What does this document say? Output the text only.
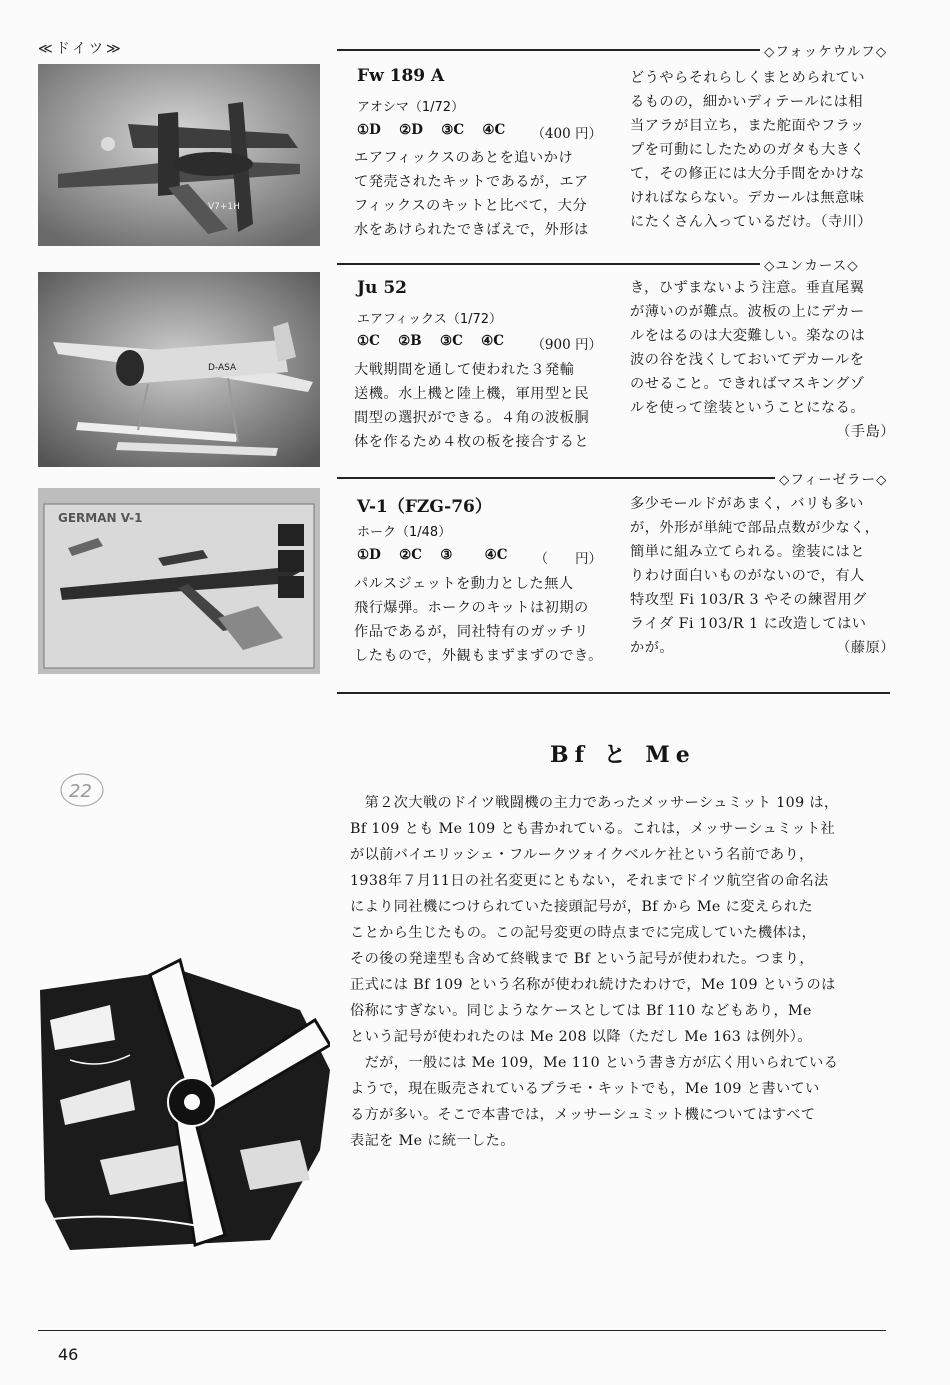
≪ドイツ≫	◇フォッケウルフ◇
V7+1H
Fw 189 A
アオシマ（1/72）
①D ②D ③C ④C （400 円）
エアフィックスのあとを追いかけ
て発売されたキットであるが，エア
フィックスのキットと比べて，大分
水をあけられたできばえで，外形は
どうやらそれらしくまとめられてい
るものの，細かいディテールには相
当アラが目立ち，また舵面やフラッ
プを可動にしたためのガタも大きく
て，その修正には大分手間をかけな
ければならない。デカールは無意味
にたくさん入っているだけ。（寺川）
◇ユンカース◇
D-ASA
Ju 52
エアフィックス（1/72）
①C ②B ③C ④C （900 円）
大戦期間を通して使われた３発輸
送機。水上機と陸上機，軍用型と民
間型の選択ができる。４角の波板胴
体を作るため４枚の板を接合すると
き，ひずまないよう注意。垂直尾翼
が薄いのが難点。波板の上にデカー
ルをはるのは大変難しい。楽なのは
波の谷を浅くしておいてデカールを
のせること。できればマスキングゾ
ルを使って塗装ということになる。
（手島）
◇フィーゼラー◇
GERMAN V-1
V-1（FZG-76）
ホーク（1/48）
①D ②C ③ ④C （　　円）
パルスジェットを動力とした無人
飛行爆弾。ホークのキットは初期の
作品であるが，同社特有のガッチリ
したもので，外観もまずまずのでき。
多少モールドがあまく，バリも多い
が，外形が単純で部品点数が少なく，
簡単に組み立てられる。塗装にはと
りわけ面白いものがないので，有人
特攻型 Fi 103/R 3 やその練習用グ
ライダ Fi 103/R 1 に改造してはい
かが。	（藤原）
22
Bf と Me
　第２次大戦のドイツ戦闘機の主力であったメッサーシュミット 109 は，
Bf 109 とも Me 109 とも書かれている。これは，メッサーシュミット社
が以前バイエリッシェ・フルークツォイクベルケ社という名前であり，
1938年７月11日の社名変更にともない，それまでドイツ航空省の命名法
により同社機につけられていた接頭記号が，Bf から Me に変えられた
ことから生じたもの。この記号変更の時点までに完成していた機体は，
その後の発達型も含めて終戦まで Bf という記号が使われた。つまり，
正式には Bf 109 という名称が使われ続けたわけで，Me 109 というのは
俗称にすぎない。同じようなケースとしては Bf 110 などもあり，Me
という記号が使われたのは Me 208 以降（ただし Me 163 は例外）。
　だが，一般には Me 109，Me 110 という書き方が広く用いられている
ようで，現在販売されているプラモ・キットでも，Me 109 と書いてい
る方が多い。そこで本書では，メッサーシュミット機についてはすべて
表記を Me に統一した。
46
